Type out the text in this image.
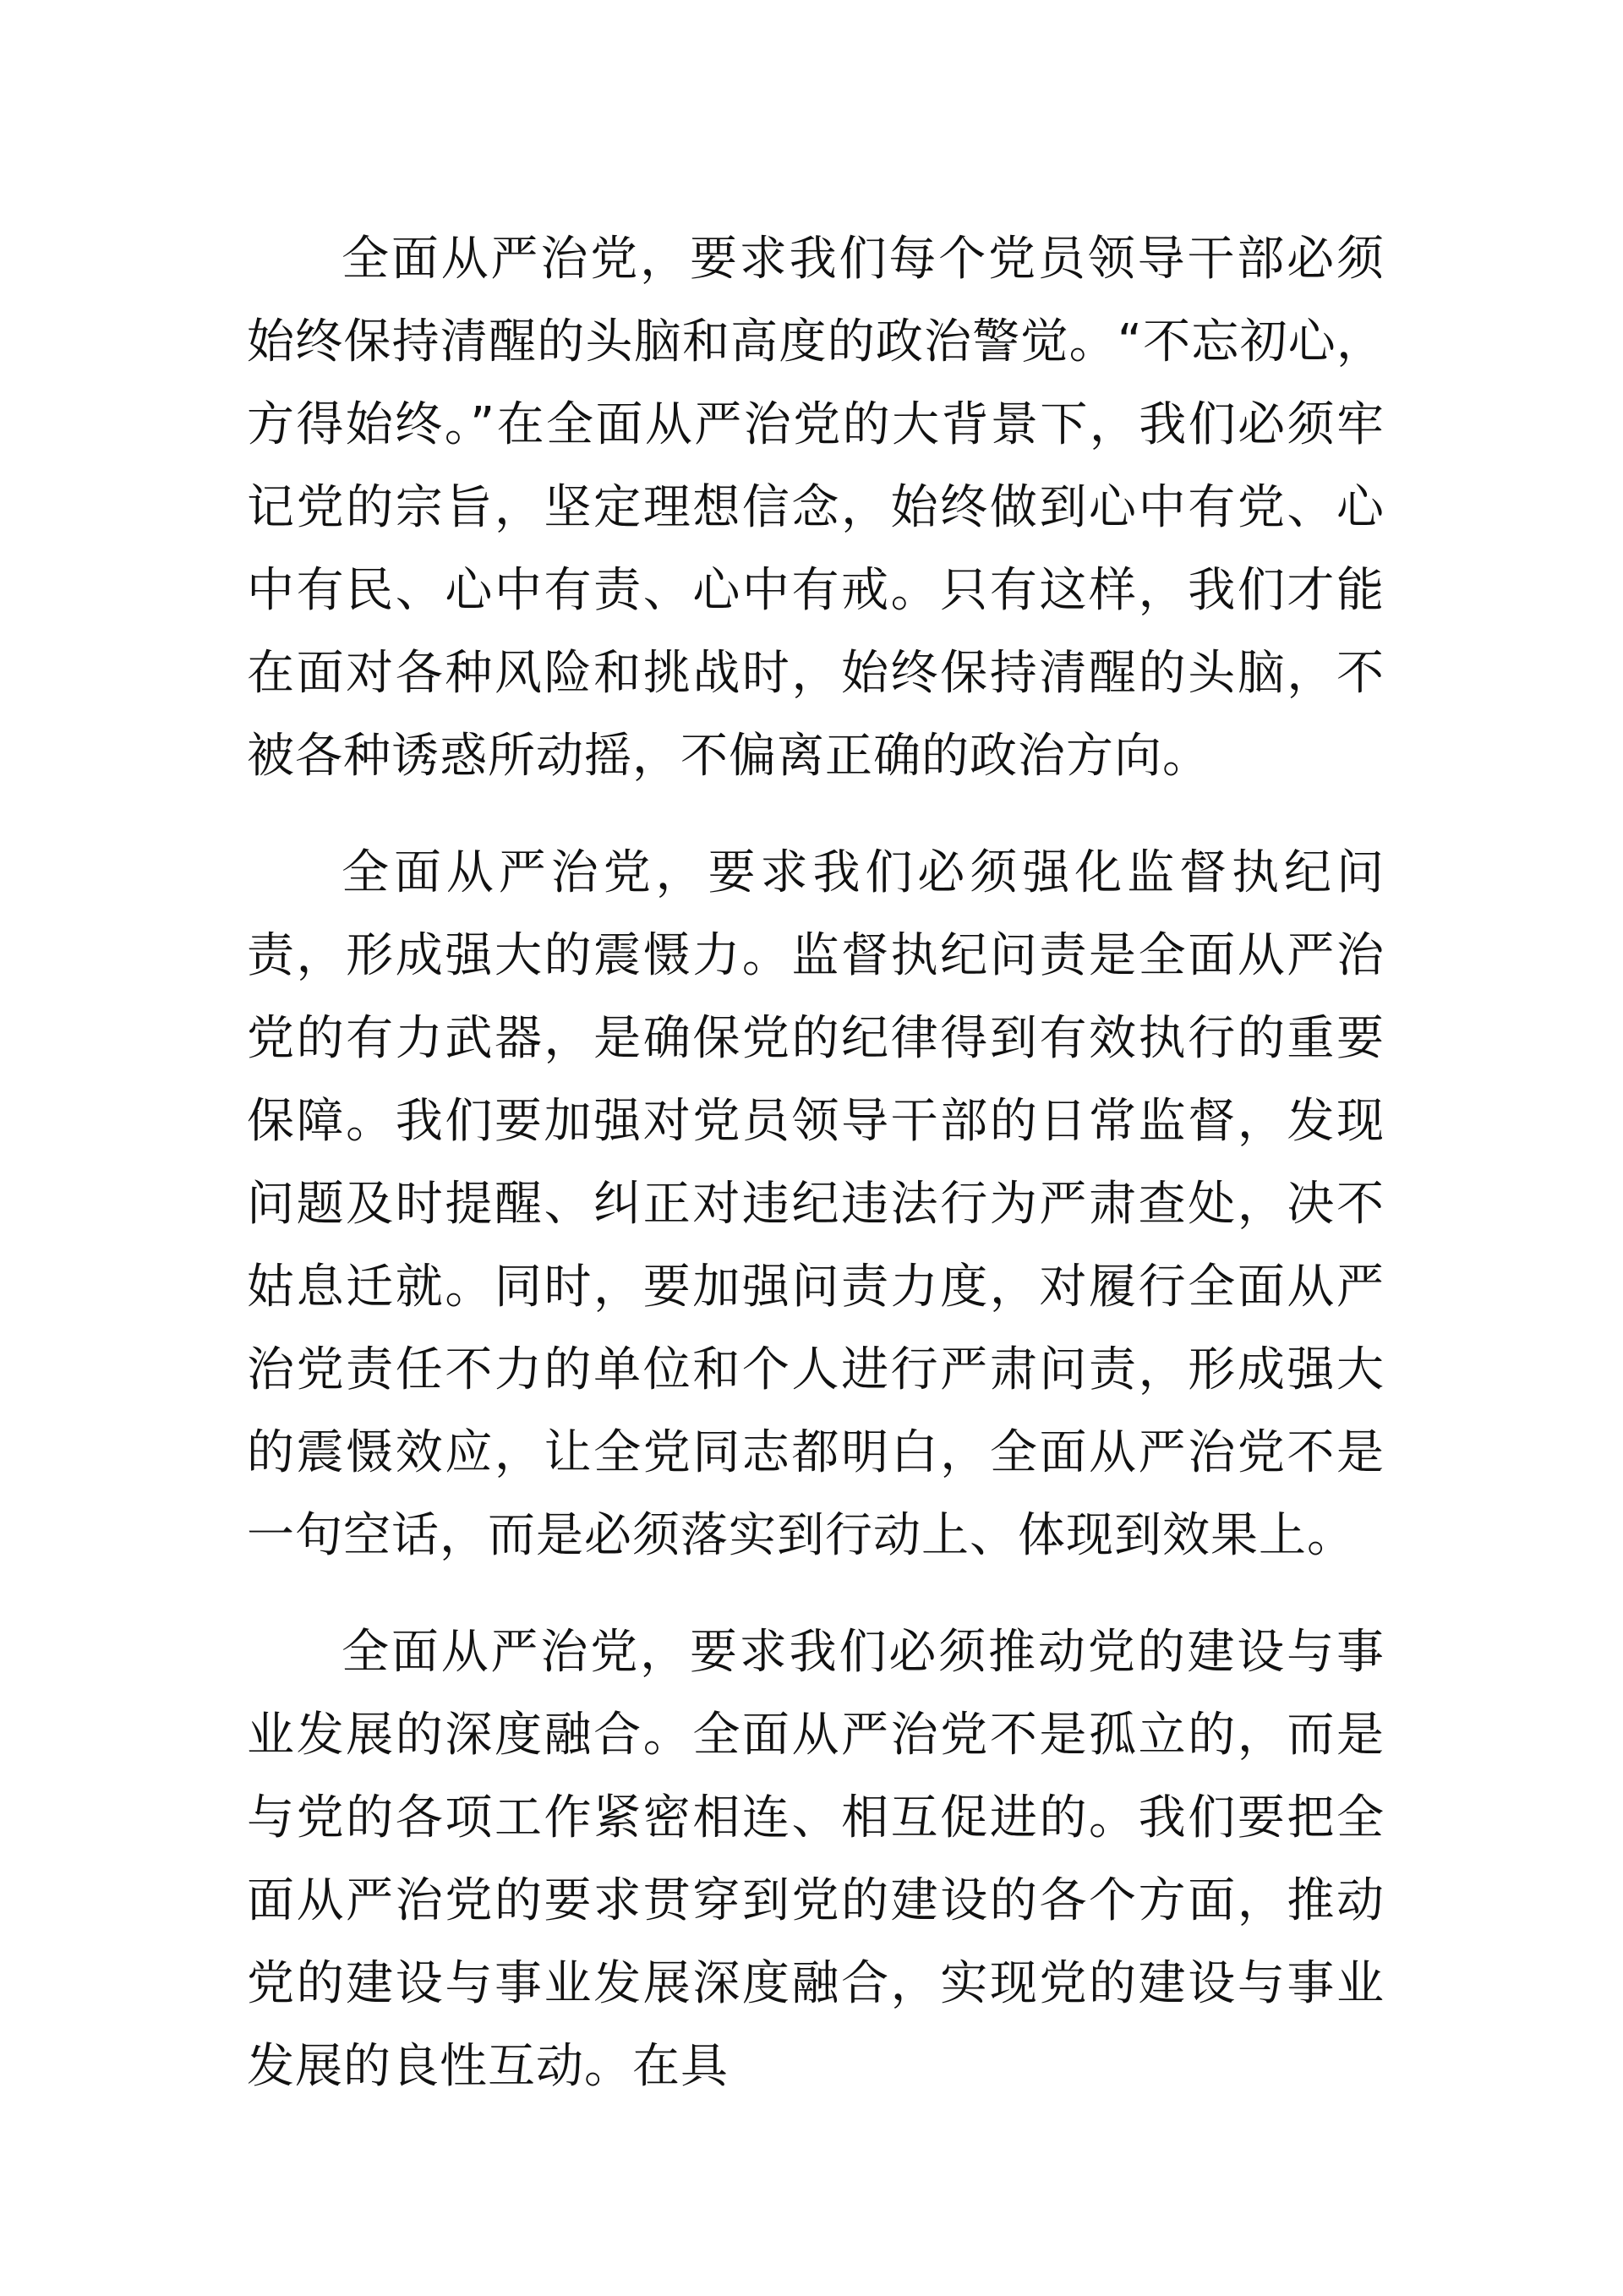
全面从严治党，要求我们每个党员领导干部必须始终保持清醒的头脑和高度的政治警觉。“不忘初心，方得始终。”在全面从严治党的大背景下，我们必须牢记党的宗旨，坚定理想信念，始终做到心中有党、心中有民、心中有责、心中有戒。只有这样，我们才能在面对各种风险和挑战时，始终保持清醒的头脑，不被各种诱惑所动摇，不偏离正确的政治方向。

全面从严治党，要求我们必须强化监督执纪问责，形成强大的震慑力。监督执纪问责是全面从严治党的有力武器，是确保党的纪律得到有效执行的重要保障。我们要加强对党员领导干部的日常监督，发现问题及时提醒、纠正对违纪违法行为严肃查处，决不姑息迁就。同时，要加强问责力度，对履行全面从严治党责任不力的单位和个人进行严肃问责，形成强大的震慑效应，让全党同志都明白，全面从严治党不是一句空话，而是必须落实到行动上、体现到效果上。

全面从严治党，要求我们必须推动党的建设与事业发展的深度融合。全面从严治党不是孤立的，而是与党的各项工作紧密相连、相互促进的。我们要把全面从严治党的要求贯穿到党的建设的各个方面，推动党的建设与事业发展深度融合，实现党的建设与事业发展的良性互动。在具
